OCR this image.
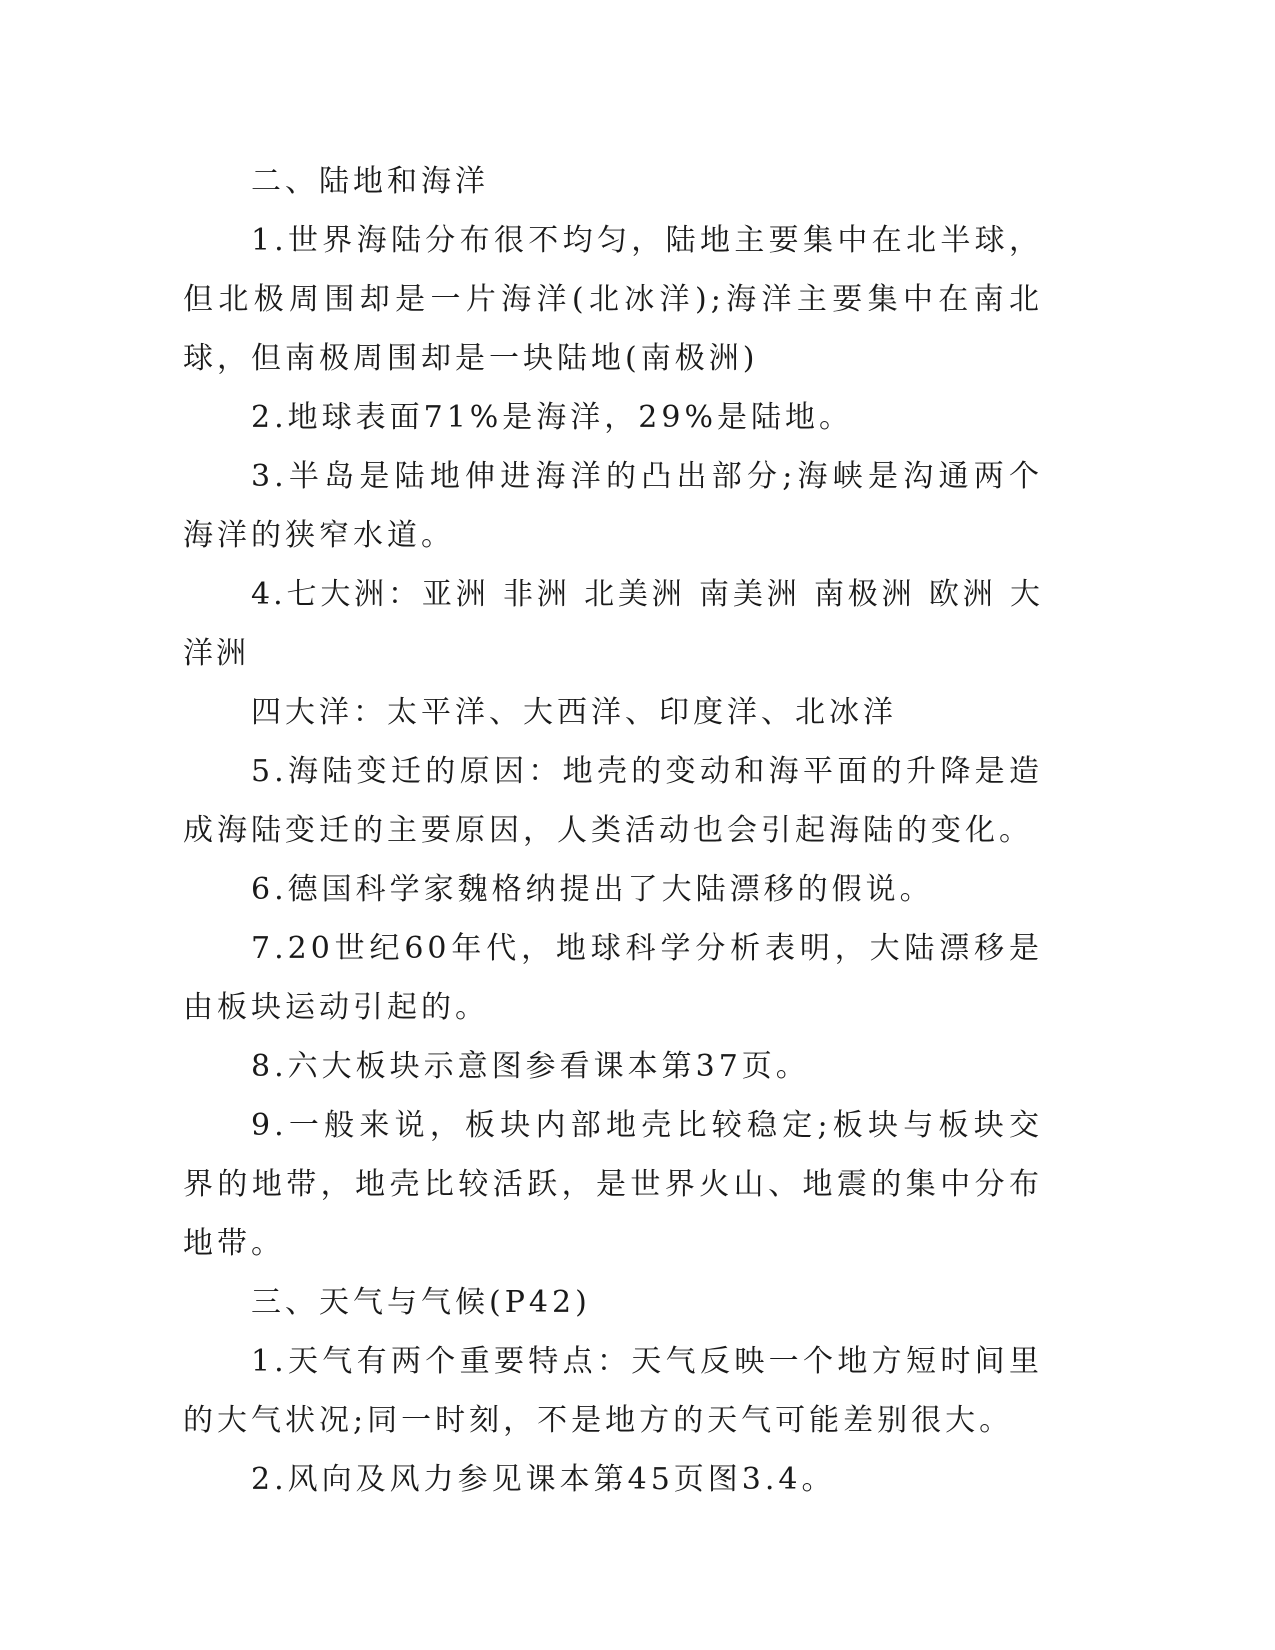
二、陆地和海洋

1.世界海陆分布很不均匀，陆地主要集中在北半球，但北极周围却是一片海洋(北冰洋);海洋主要集中在南北球，但南极周围却是一块陆地(南极洲)

2.地球表面71%是海洋，29%是陆地。

3.半岛是陆地伸进海洋的凸出部分;海峡是沟通两个海洋的狭窄水道。

4.七大洲：亚洲 非洲 北美洲 南美洲 南极洲 欧洲 大洋洲

四大洋：太平洋、大西洋、印度洋、北冰洋

5.海陆变迁的原因：地壳的变动和海平面的升降是造成海陆变迁的主要原因，人类活动也会引起海陆的变化。

6.德国科学家魏格纳提出了大陆漂移的假说。

7.20世纪60年代，地球科学分析表明，大陆漂移是由板块运动引起的。

8.六大板块示意图参看课本第37页。

9.一般来说，板块内部地壳比较稳定;板块与板块交界的地带，地壳比较活跃，是世界火山、地震的集中分布地带。

三、天气与气候(P42)

1.天气有两个重要特点：天气反映一个地方短时间里的大气状况;同一时刻，不是地方的天气可能差别很大。

2.风向及风力参见课本第45页图3.4。
